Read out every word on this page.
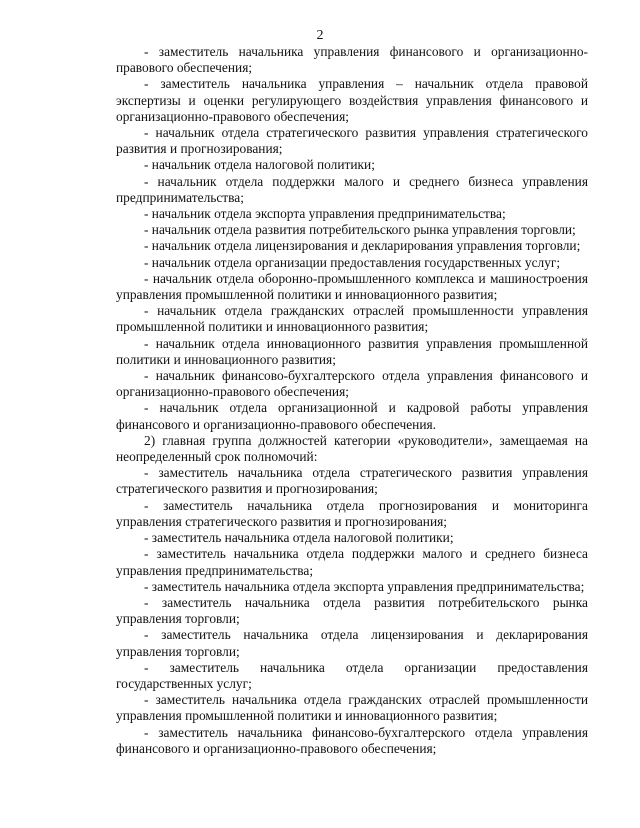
2

- заместитель начальника управления финансового и организационно-правового обеспечения;

- заместитель начальника управления – начальник отдела правовой экспертизы и оценки регулирующего воздействия управления финансового и организационно-правового обеспечения;

- начальник отдела стратегического развития управления стратегического развития и прогнозирования;

- начальник отдела налоговой политики;

- начальник отдела поддержки малого и среднего бизнеса управления предпринимательства;

- начальник отдела экспорта управления предпринимательства;

- начальник отдела развития потребительского рынка управления торговли;

- начальник отдела лицензирования и декларирования управления торговли;

- начальник отдела организации предоставления государственных услуг;

- начальник отдела оборонно-промышленного комплекса и машиностроения управления промышленной политики и инновационного развития;

- начальник отдела гражданских отраслей промышленности управления промышленной политики и инновационного развития;

- начальник отдела инновационного развития управления промышленной политики и инновационного развития;

- начальник финансово-бухгалтерского отдела управления финансового и организационно-правового обеспечения;

- начальник отдела организационной и кадровой работы управления финансового и организационно-правового обеспечения.

2) главная группа должностей категории «руководители», замещаемая на неопределенный срок полномочий:

- заместитель начальника отдела стратегического развития управления стратегического развития и прогнозирования;

- заместитель начальника отдела прогнозирования и мониторинга управления стратегического развития и прогнозирования;

- заместитель начальника отдела налоговой политики;

- заместитель начальника отдела поддержки малого и среднего бизнеса управления предпринимательства;

- заместитель начальника отдела экспорта управления предпринимательства;

- заместитель начальника отдела развития потребительского рынка управления торговли;

- заместитель начальника отдела лицензирования и декларирования управления торговли;

- заместитель начальника отдела организации предоставления государственных услуг;

- заместитель начальника отдела гражданских отраслей промышленности управления промышленной политики и инновационного развития;

- заместитель начальника финансово-бухгалтерского отдела управления финансового и организационно-правового обеспечения;
